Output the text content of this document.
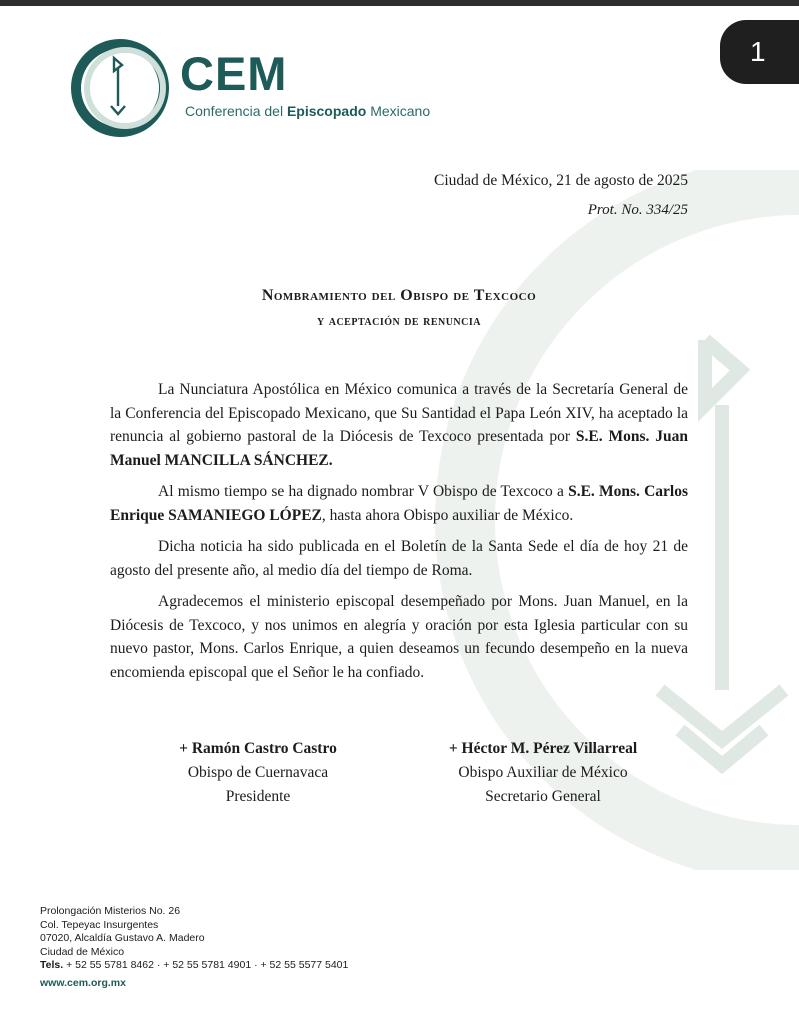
1
CEM
Conferencia del Episcopado Mexicano
Ciudad de México, 21 de agosto de 2025
Prot. No. 334/25
Nombramiento del Obispo de Texcoco
y aceptación de renuncia

La Nunciatura Apostólica en México comunica a través de la Secretaría General de la Conferencia del Episcopado Mexicano, que Su Santidad el Papa León XIV, ha aceptado la renuncia al gobierno pastoral de la Diócesis de Texcoco presentada por S.E. Mons. Juan Manuel MANCILLA SÁNCHEZ.

Al mismo tiempo se ha dignado nombrar V Obispo de Texcoco a S.E. Mons. Carlos Enrique SAMANIEGO LÓPEZ, hasta ahora Obispo auxiliar de México.

Dicha noticia ha sido publicada en el Boletín de la Santa Sede el día de hoy 21 de agosto del presente año, al medio día del tiempo de Roma.

Agradecemos el ministerio episcopal desempeñado por Mons. Juan Manuel, en la Diócesis de Texcoco, y nos unimos en alegría y oración por esta Iglesia particular con su nuevo pastor, Mons. Carlos Enrique, a quien deseamos un fecundo desempeño en la nueva encomienda episcopal que el Señor le ha confiado.

+ Ramón Castro Castro
Obispo de Cuernavaca
Presidente
+ Héctor M. Pérez Villarreal
Obispo Auxiliar de México
Secretario General
Prolongación Misterios No. 26
Col. Tepeyac Insurgentes
07020, Alcaldía Gustavo A. Madero
Ciudad de México
Tels. + 52 55 5781 8462 · + 52 55 5781 4901 · + 52 55 5577 5401
www.cem.org.mx
